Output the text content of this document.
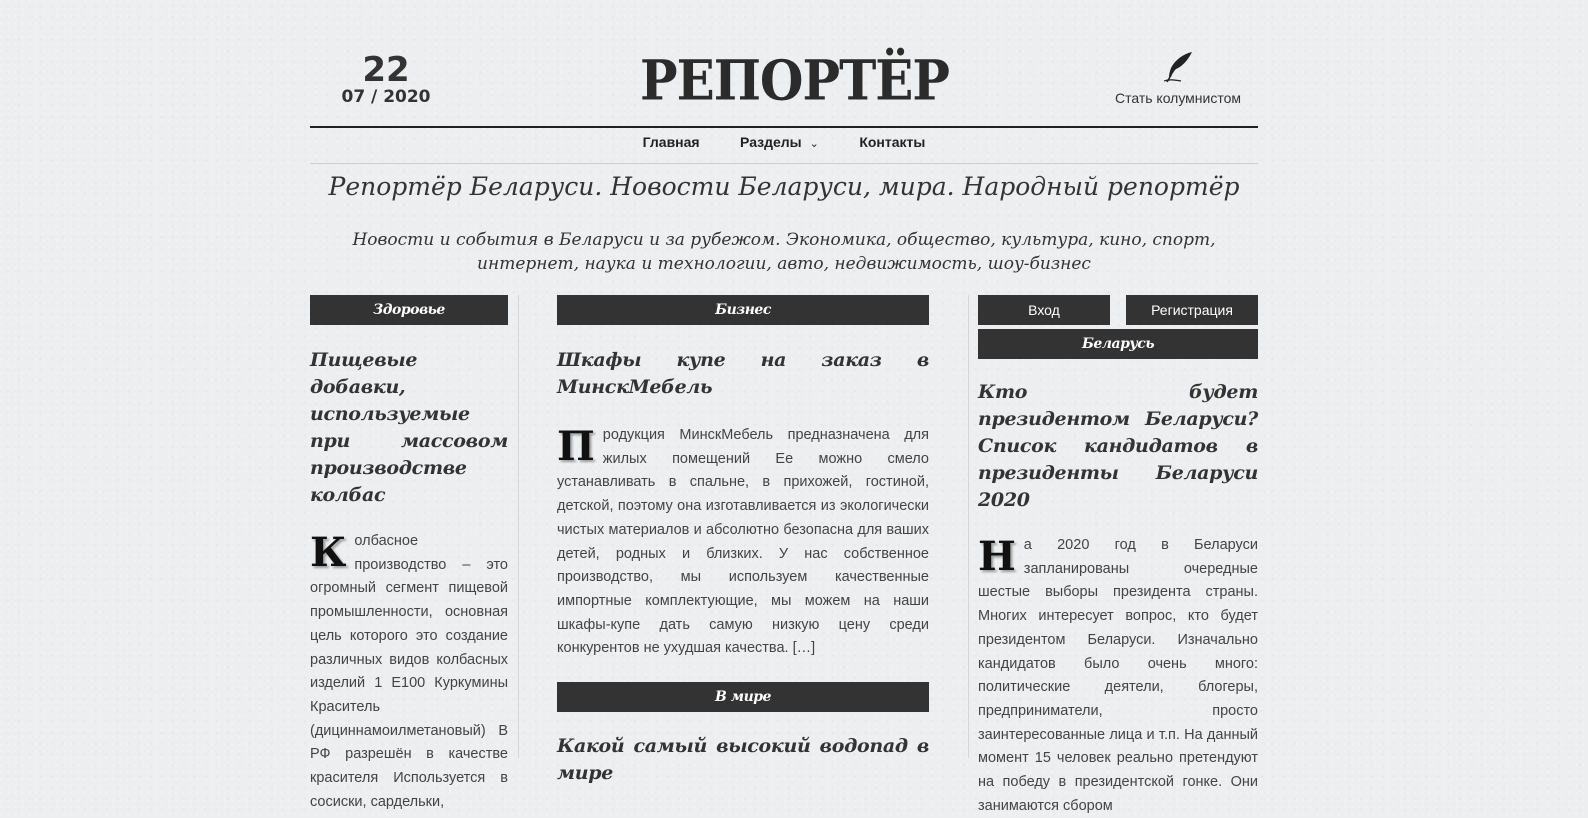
22
07 / 2020	РЕПОРТЁР	Стать колумнистом
Главная	Разделы ⌄	Контакты
Репортёр Беларуси. Новости Беларуси, мира. Народный репортёр
Новости и события в Беларуси и за рубежом. Экономика, общество, культура, кино, спорт, интернет, наука и технологии, авто, недвижимость, шоу-бизнес
Здоровье
Пищевые добавки, используемые при массовом производстве колбас
Колбасное производство – это огромный сегмент пищевой промышленности, основная цель которого это создание различных видов колбасных изделий 1 Е100 Куркумины Краситель (дициннамоилметановый) В РФ разрешён в качестве красителя Используется в сосиски, сардельки,
Бизнес
Шкафы купе на заказ в МинскМебель
Продукция МинскМебель предназначена для жилых помещений Ее можно смело устанавливать в спальне, в прихожей, гостиной, детской, поэтому она изготавливается из экологически чистых материалов и абсолютно безопасна для ваших детей, родных и близких. У нас собственное производство, мы используем качественные импортные комплектующие, мы можем на наши шкафы-купе дать самую низкую цену среди конкурентов не ухудшая качества. […]
В мире
Какой самый высокий водопад в мире
Вход	Регистрация
Беларусь
Кто будет президентом Беларуси? Список кандидатов в президенты Беларуси 2020
На 2020 год в Беларуси запланированы очередные шестые выборы президента страны. Многих интересует вопрос, кто будет президентом Беларуси. Изначально кандидатов было очень много: политические деятели, блогеры, предприниматели, просто заинтересованные лица и т.п. На данный момент 15 человек реально претендуют на победу в президентской гонке. Они занимаются сбором
